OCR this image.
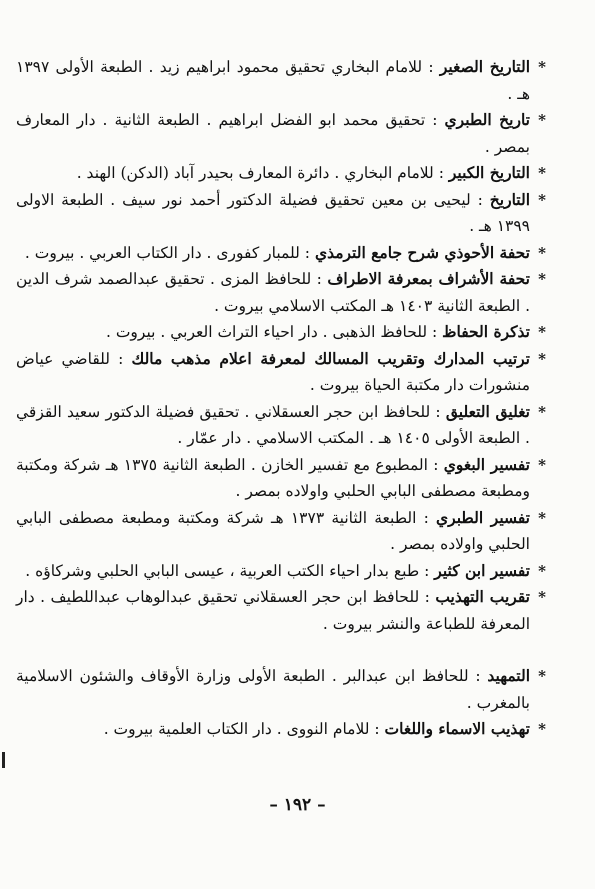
*
التاريخ الصغير : للامام البخاري تحقيق محمود ابراهيم زيد . الطبعة الأولى ١٣٩٧ هـ .

*
تاريخ الطبري : تحقيق محمد ابو الفضل ابراهيم . الطبعة الثانية . دار المعارف بمصر .

*
التاريخ الكبير : للامام البخاري . دائرة المعارف بحيدر آباد (الدكن) الهند .

*
التاريخ : ليحيى بن معين تحقيق فضيلة الدكتور أحمد نور سيف . الطبعة الاولى ١٣٩٩ هـ .

*
تحفة الأحوذي شرح جامع الترمذي : للمبار كفورى . دار الكتاب العربي . بيروت .

*
تحفة الأشراف بمعرفة الاطراف : للحافظ المزى . تحقيق عبدالصمد شرف الدين . الطبعة الثانية ١٤٠٣ هـ المكتب الاسلامي بيروت .

*
تذكرة الحفاظ : للحافظ الذهبى . دار احياء التراث العربي . بيروت .

*
ترتيب المدارك وتقريب المسالك لمعرفة اعلام مذهب مالك : للقاضي عياض منشورات دار مكتبة الحياة بيروت .

*
تغليق التعليق : للحافظ ابن حجر العسقلاني . تحقيق فضيلة الدكتور سعيد القزقي . الطبعة الأولى ١٤٠٥ هـ . المكتب الاسلامي . دار عمّار .

*
تفسير البغوي : المطبوع مع تفسير الخازن . الطبعة الثانية ١٣٧٥ هـ شركة ومكتبة ومطبعة مصطفى البابي الحلبي واولاده بمصر .

*
تفسير الطبري : الطبعة الثانية ١٣٧٣ هـ شركة ومكتبة ومطبعة مصطفى البابي الحلبي واولاده بمصر .

*
تفسير ابن كثير : طبع بدار احياء الكتب العربية ، عيسى البابي الحلبي وشركاؤه .

*
تقريب التهذيب : للحافظ ابن حجر العسقلاني تحقيق عبدالوهاب عبداللطيف . دار المعرفة للطباعة والنشر بيروت .

*
التمهيد : للحافظ ابن عبدالبر . الطبعة الأولى وزارة الأوقاف والشئون الاسلامية بالمغرب .

*
تهذيب الاسماء واللغات : للامام النووى . دار الكتاب العلمية بيروت .

– ١٩٢ –
